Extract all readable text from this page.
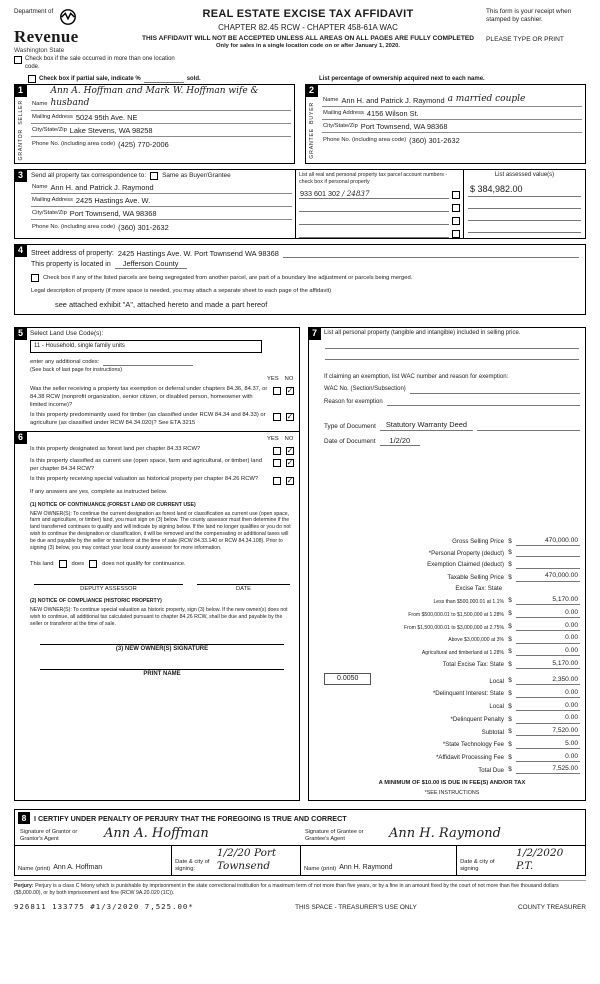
Department of
Revenue
Washington State
REAL ESTATE EXCISE TAX AFFIDAVIT
CHAPTER 82.45 RCW - CHAPTER 458-61A WAC
THIS AFFIDAVIT WILL NOT BE ACCEPTED UNLESS ALL AREAS ON ALL PAGES ARE FULLY COMPLETED
Only for sales in a single location code on or after January 1, 2020.
This form is your receipt when stamped by cashier.
PLEASE TYPE OR PRINT
Check box if the sale occurred in more than one location code.
Check box if partial sale, indicate %	sold.
1
SELLER
GRANTOR
Name
Ann A. Hoffman and Mark W. Hoffman wife & husband
Mailing Address 5024 95th Ave. NE
City/State/Zip Lake Stevens, WA 98258
Phone No. (including area code) (425) 770-2006
List percentage of ownership acquired next to each name.
2
BUYER
GRANTEE
Name Ann H. and Patrick J. Raymond a married couple
Mailing Address 4156 Wilson St.
City/State/Zip Port Townsend, WA 98368
Phone No. (including area code) (360) 301-2632
3	Send all property tax correspondence to:	Same as Buyer/Grantee
Name Ann H. and Patrick J. Raymond
Mailing Address 2425 Hastings Ave. W.
City/State/Zip Port Townsend, WA 98368
Phone No. (including area code) (360) 301-2632
List all real and personal property tax parcel account numbers - check box if personal property
933 601 302 / 24837
List assessed value(s)
$ 384,982.00
4	Street address of property: 2425 Hastings Ave. W. Port Townsend WA 98368
This property is located in	Jefferson County
Check box if any of the listed parcels are being segregated from another parcel, are part of a boundary line adjustment or parcels being merged.
Legal description of property (if more space is needed, you may attach a separate sheet to each page of the affidavit)
see attached exhibit "A", attached hereto and made a part hereof
5	Select Land Use Code(s):
11 - Household, single family units
enter any additional codes:
(See back of last page for instructions)
YES NO
Was the seller receiving a property tax exemption or deferral under chapters 84.36, 84.37, or 84.38 RCW (nonprofit organization, senior citizen, or disabled person, homeowner with limited income)?
✓
Is this property predominantly used for timber (as classified under RCW 84.34 and 84.33) or agriculture (as classified under RCW 84.34.020)? See ETA 3215
✓
6	YES NO
Is this property designated as forest land per chapter 84.33 RCW?	✓
Is this property classified as current use (open space, farm and agricultural, or timber) land per chapter 84.34 RCW?
✓
Is this property receiving special valuation as historical property per chapter 84.26 RCW?	✓
If any answers are yes, complete as instructed below.
(1) NOTICE OF CONTINUANCE (FOREST LAND OR CURRENT USE)
NEW OWNER(S): To continue the current designation as forest land or classification as current use (open space, farm and agriculture, or timber) land, you must sign on (3) below. The county assessor must then determine if the land transferred continues to qualify and will indicate by signing below. If the land no longer qualifies or you do not wish to continue the designation or classification, it will be removed and the compensating or additional taxes will be due and payable by the seller or transferor at the time of sale (RCW 84.33.140 or RCW 84.34.108). Prior to signing (3) below, you may contact your local county assessor for more information.
This land	does	does not qualify for continuance.
DEPUTY ASSESSOR	DATE
(2) NOTICE OF COMPLIANCE (HISTORIC PROPERTY)
NEW OWNER(S): To continue special valuation as historic property, sign (3) below. If the new owner(s) does not wish to continue, all additional tax calculated pursuant to chapter 84.26 RCW, shall be due and payable by the seller or transferor at the time of sale.
(3) NEW OWNER(S) SIGNATURE
PRINT NAME
7	List all personal property (tangible and intangible) included in selling price.
If claiming an exemption, list WAC number and reason for exemption:
WAC No. (Section/Subsection)
Reason for exemption
Type of Document	Statutory Warranty Deed
Date of Document	1/2/20
Gross Selling Price $	470,000.00
*Personal Property (deduct) $
Exemption Claimed (deduct) $
Taxable Selling Price $	470,000.00
Excise Tax: State
Less than $500,000.01 at 1.1% $	5,170.00
From $500,000.01 to $1,500,000 at 1.28% $	0.00
From $1,500,000.01 to $3,000,000 at 2.75% $	0.00
Above $3,000,000 at 3% $	0.00
Agricultural and timberland at 1.28% $	0.00
Total Excise Tax: State $	5,170.00
0.0050	Local $	2,350.00
*Delinquent Interest: State $	0.00
Local $	0.00
*Delinquent Penalty $	0.00
Subtotal $	7,520.00
*State Technology Fee $	5.00
*Affidavit Processing Fee $	0.00
Total Due $	7,525.00
A MINIMUM OF $10.00 IS DUE IN FEE(S) AND/OR TAX
*SEE INSTRUCTIONS
8	I CERTIFY UNDER PENALTY OF PERJURY THAT THE FOREGOING IS TRUE AND CORRECT
Signature of Grantor or Grantor's Agent	Ann A. Hoffman	Signature of Grantee or Grantee's Agent	Ann H. Raymond
Name (print) Ann A. Hoffman
Date & city of signing:
1/2/20 Port Townsend	Name (print) Ann H. Raymond
Date & city of signing
1/2/2020 P.T.
Perjury: Perjury is a class C felony which is punishable by imprisonment in the state correctional institution for a maximum term of not more than five years, or by a fine in an amount fixed by the court of not more than five thousand dollars ($5,000.00), or by both imprisonment and fine (RCW 9A.20.020 (1C)).
926811 133775 #1/3/2020 7,525.00*	THIS SPACE - TREASURER'S USE ONLY	COUNTY TREASURER
